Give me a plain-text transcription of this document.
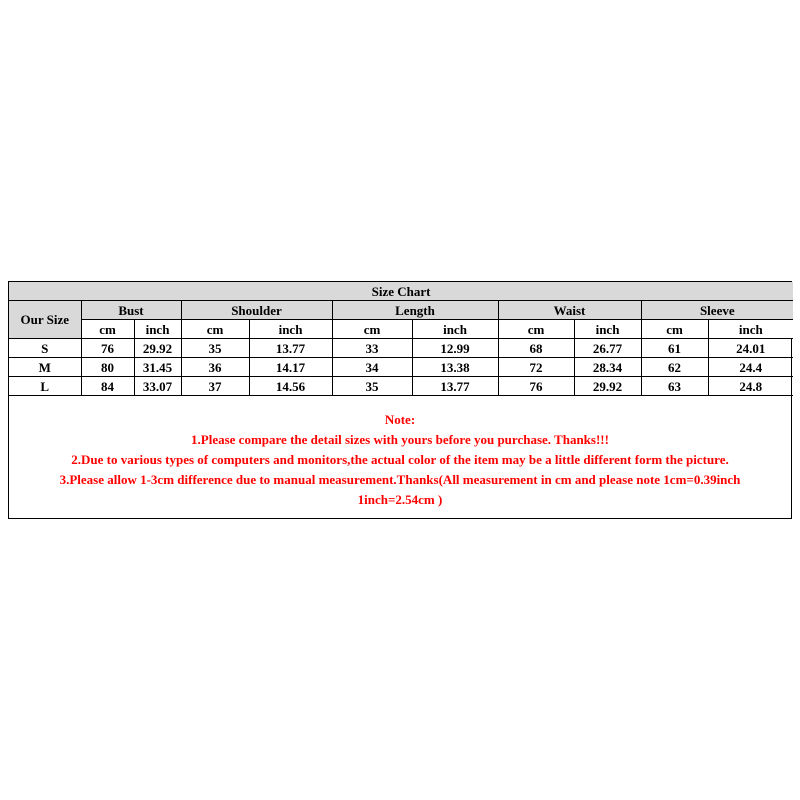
Size Chart										
Our Size	Bust		Shoulder		Length		Waist		Sleeve	
	cm	inch	cm	inch	cm	inch	cm	inch	cm	inch
S	76	29.92	35	13.77	33	12.99	68	26.77	61	24.01
M	80	31.45	36	14.17	34	13.38	72	28.34	62	24.4
L	84	33.07	37	14.56	35	13.77	76	29.92	63	24.8

Note:

1.Please compare the detail sizes with yours before you purchase. Thanks!!!

2.Due to various types of computers and monitors,the actual color of the item may be a little different form the picture.

3.Please allow 1-3cm difference due to manual measurement.Thanks(All measurement in cm and please note 1cm=0.39inch

1inch=2.54cm )
